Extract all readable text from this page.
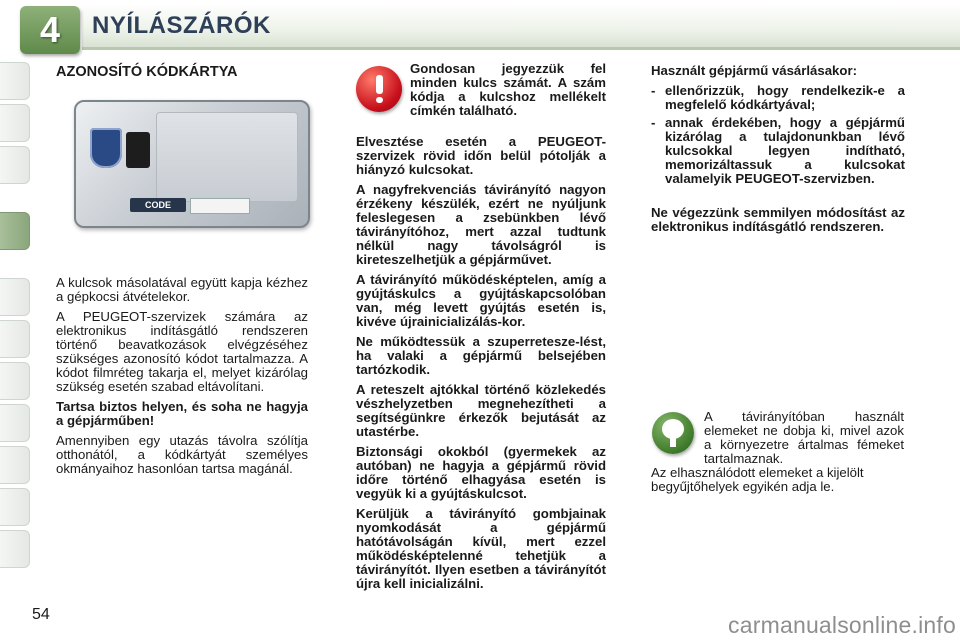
4 NYÍLÁSZÁRÓK
AZONOSÍTÓ KÓDKÁRTYA
CODE

A kulcsok másolatával együtt kapja kézhez a gépkocsi átvételekor.

A PEUGEOT-szervizek számára az elektronikus indításgátló rendszeren történő beavatkozások elvégzéséhez szükséges azonosító kódot tartalmazza. A kódot filmréteg takarja el, melyet kizárólag szükség esetén szabad eltávolítani.

Tartsa biztos helyen, és soha ne hagyja a gépjárműben!

Amennyiben egy utazás távolra szólítja otthonától, a kódkártyát személyes okmányaihoz hasonlóan tartsa magánál.

Gondosan jegyezzük fel minden kulcs számát. A szám kódja a kulcshoz mellékelt címkén található.

Elvesztése esetén a PEUGEOT-szervizek rövid időn belül pótolják a hiányzó kulcsokat.

A nagyfrekvenciás távirányító nagyon érzékeny készülék, ezért ne nyúljunk feleslegesen a zsebünkben lévő távirányítóhoz, mert azzal tudtunk nélkül nagy távolságról is kireteszelhetjük a gépjárművet.

A távirányító működésképtelen, amíg a gyújtáskulcs a gyújtáskapcsolóban van, még levett gyújtás esetén is, kivéve újrainicializálás-kor.

Ne működtessük a szuperretesze-lést, ha valaki a gépjármű belseјében tartózkodik.

A reteszelt ajtókkal történő közlekedés vészhelyzetben megnehezítheti a segítségünkre érkezők bejutását az utastérbe.

Biztonsági okokból (gyermekek az autóban) ne hagyja a gépjármű rövid időre történő elhagyása esetén is vegyük ki a gyújtáskulcsot.

Kerüljük a távirányító gombjainak nyomkodását a gépjármű hatótávolságán kívül, mert ezzel működésképtelenné tehetjük a távirányítót. Ilyen esetben a távirányítót újra kell inicializálni.

Használt gépjármű vásárlásakor:

- ellenőrizzük, hogy rendelkezik-e a megfelelő kódkártyával;
- annak érdekében, hogy a gépjármű kizárólag a tulajdonunkban lévő kulcsokkal legyen indítható, memorizáltassuk a kulcsokat valamelyik PEUGEOT-szervizben.

Ne végezzünk semmilyen módosítást az elektronikus indításgátló rendszeren.

A távirányítóban használt elemeket ne dobja ki, mivel azok a környezetre ártalmas fémeket tartalmaznak.

Az elhasználódott elemeket a kijelölt begyűjtőhelyek egyikén adja le.

54	carmanualsonline.info
